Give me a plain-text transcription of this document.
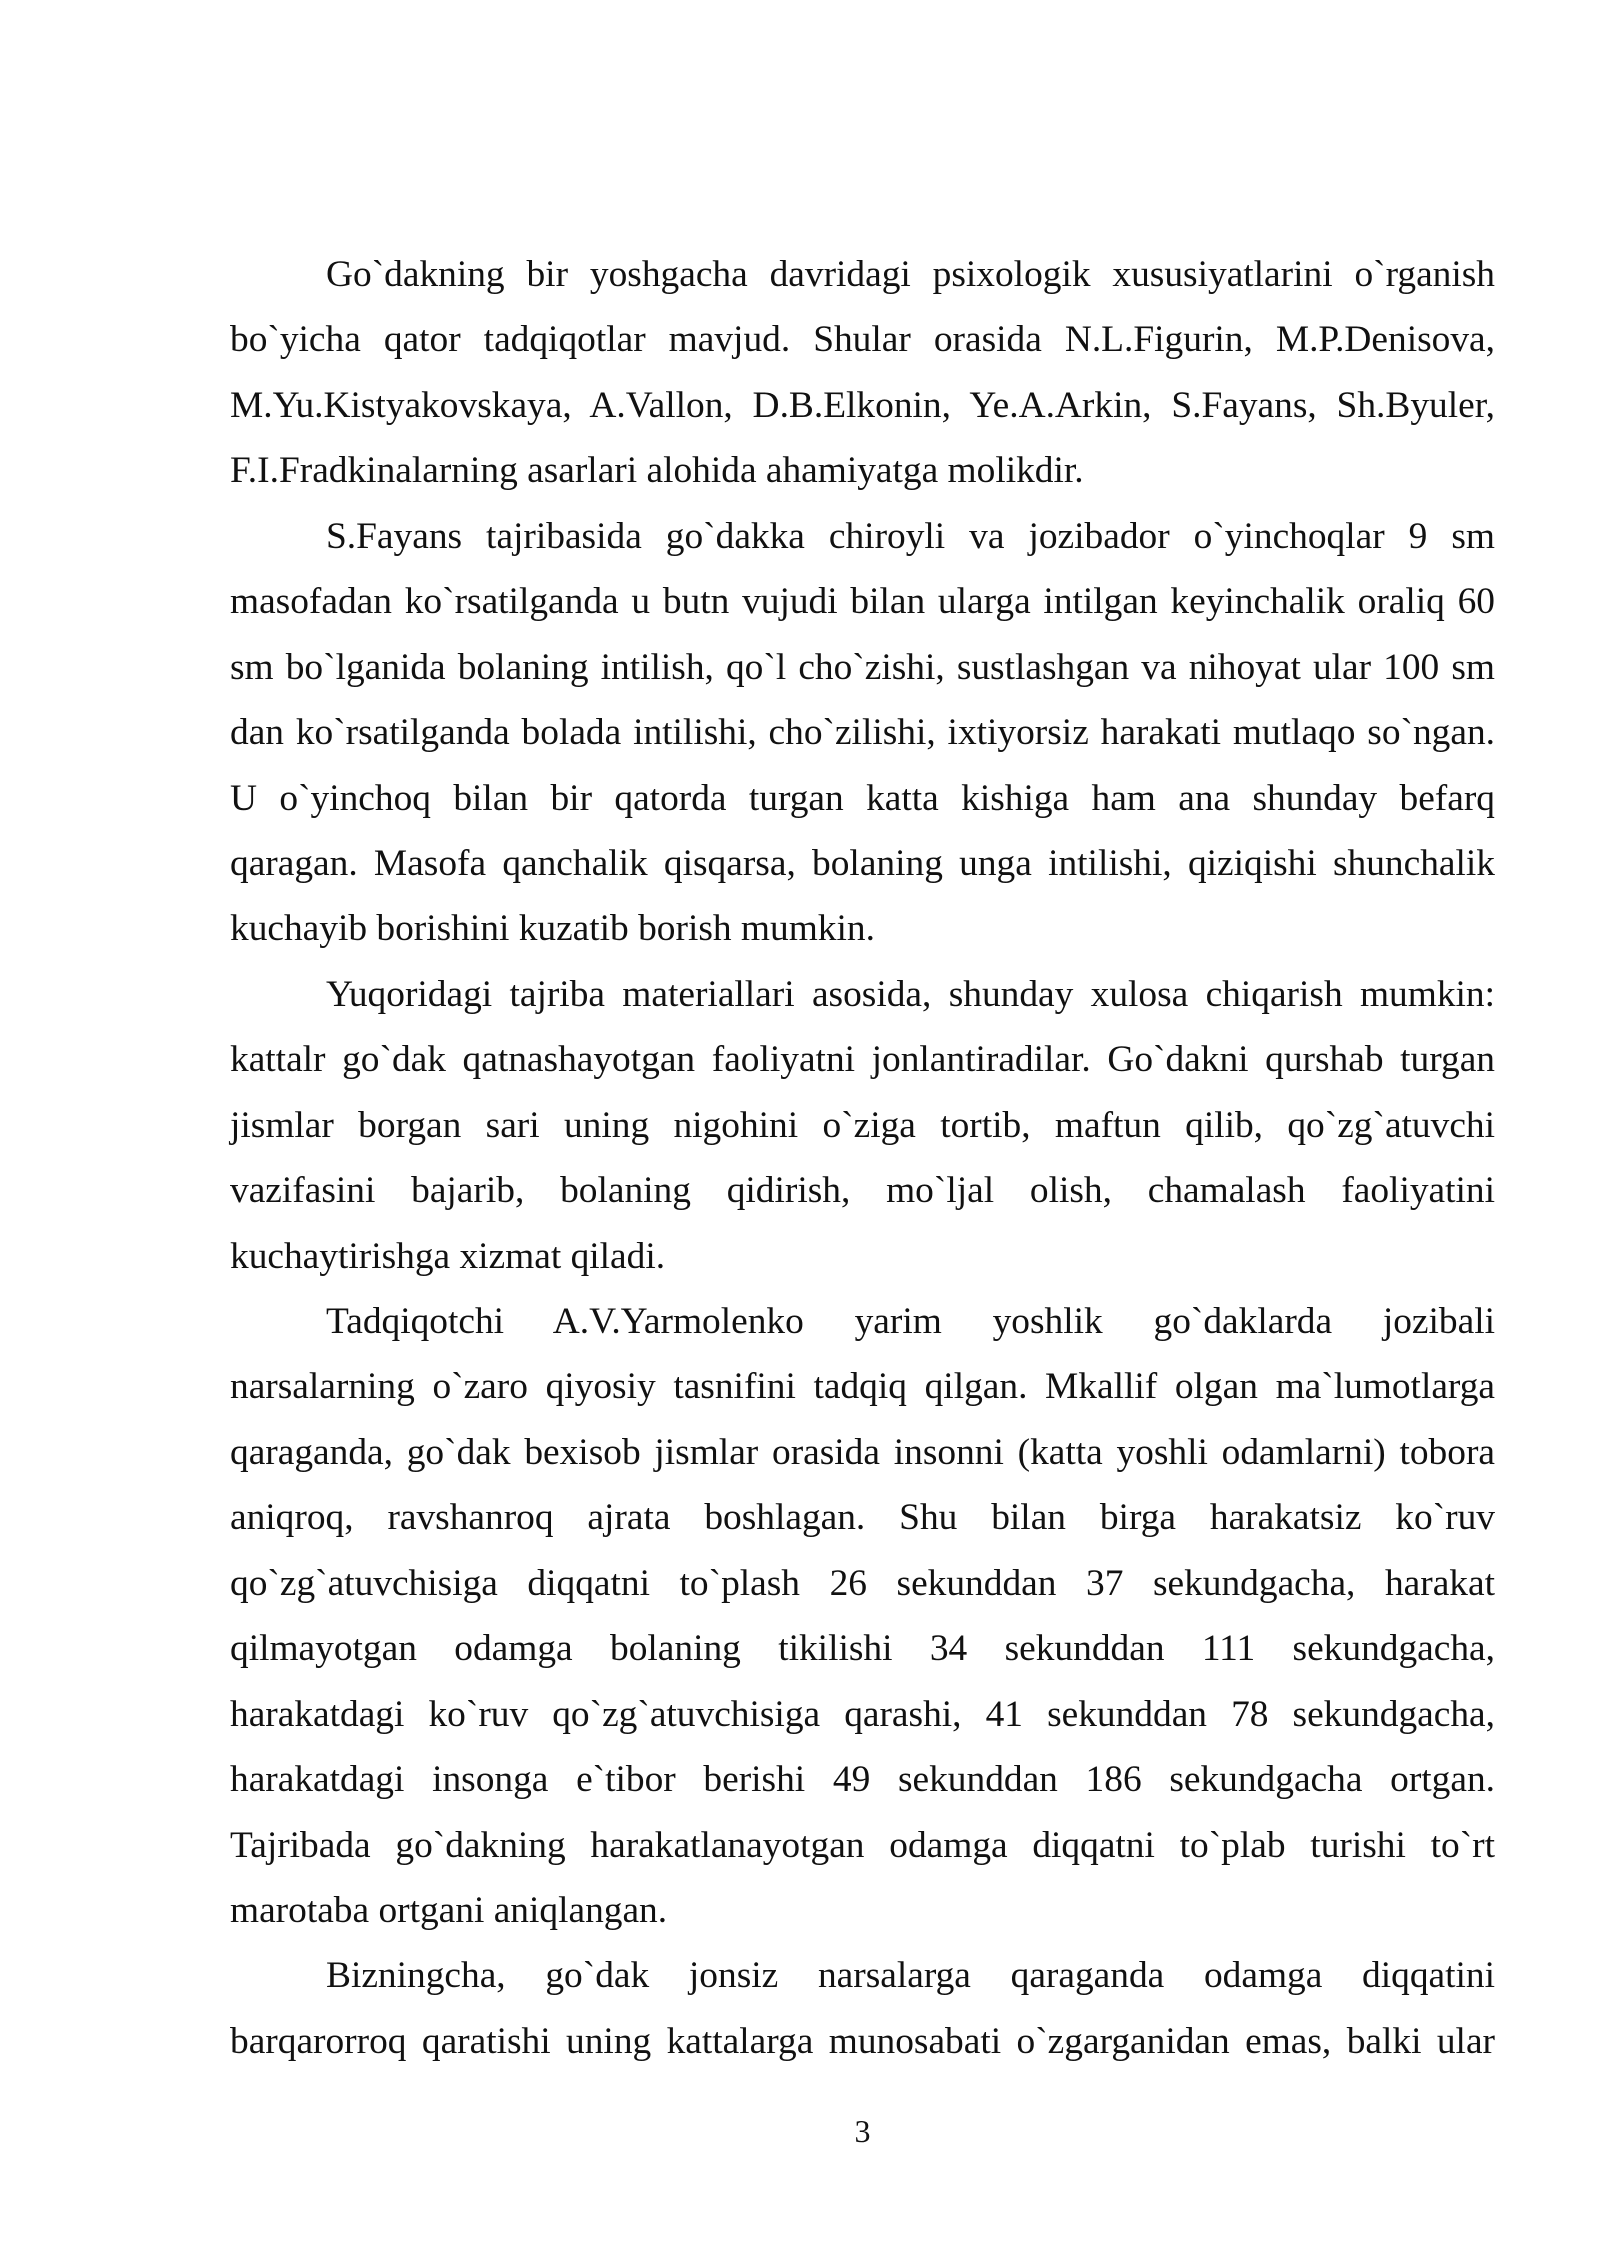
Go`dakning bir yoshgacha davridagi psixologik xususiyatlarini o`rganish
bo`yicha qator tadqiqotlar mavjud. Shular orasida N.L.Figurin, M.P.Denisova,
M.Yu.Kistyakovskaya, A.Vallon, D.B.Elkonin, Ye.A.Arkin, S.Fayans, Sh.Byuler,
F.I.Fradkinalarning asarlari alohida ahamiyatga molikdir.
S.Fayans tajribasida go`dakka chiroyli va jozibador o`yinchoqlar 9 sm
masofadan ko`rsatilganda u butn vujudi bilan ularga intilgan keyinchalik oraliq 60
sm bo`lganida bolaning intilish, qo`l cho`zishi, sustlashgan va nihoyat ular 100 sm
dan ko`rsatilganda bolada intilishi, cho`zilishi, ixtiyorsiz harakati mutlaqo so`ngan.
U o`yinchoq bilan bir qatorda turgan katta kishiga ham ana shunday befarq
qaragan. Masofa qanchalik qisqarsa, bolaning unga intilishi, qiziqishi shunchalik
kuchayib borishini kuzatib borish mumkin.
Yuqoridagi tajriba materiallari asosida, shunday xulosa chiqarish mumkin:
kattalr go`dak qatnashayotgan faoliyatni jonlantiradilar. Go`dakni qurshab turgan
jismlar borgan sari uning nigohini o`ziga tortib, maftun qilib, qo`zg`atuvchi
vazifasini bajarib, bolaning qidirish, mo`ljal olish, chamalash faoliyatini
kuchaytirishga xizmat qiladi.
Tadqiqotchi A.V.Yarmolenko yarim yoshlik go`daklarda jozibali
narsalarning o`zaro qiyosiy tasnifini tadqiq qilgan. Mkallif olgan ma`lumotlarga
qaraganda, go`dak bexisob jismlar orasida insonni (katta yoshli odamlarni) tobora
aniqroq, ravshanroq ajrata boshlagan. Shu bilan birga harakatsiz ko`ruv
qo`zg`atuvchisiga diqqatni to`plash 26 sekunddan 37 sekundgacha, harakat
qilmayotgan odamga bolaning tikilishi 34 sekunddan 111 sekundgacha,
harakatdagi ko`ruv qo`zg`atuvchisiga qarashi, 41 sekunddan 78 sekundgacha,
harakatdagi insonga e`tibor berishi 49 sekunddan 186 sekundgacha ortgan.
Tajribada go`dakning harakatlanayotgan odamga diqqatni to`plab turishi to`rt
marotaba ortgani aniqlangan.
Bizningcha, go`dak jonsiz narsalarga qaraganda odamga diqqatini
barqarorroq qaratishi uning kattalarga munosabati o`zgarganidan emas, balki ular
3
